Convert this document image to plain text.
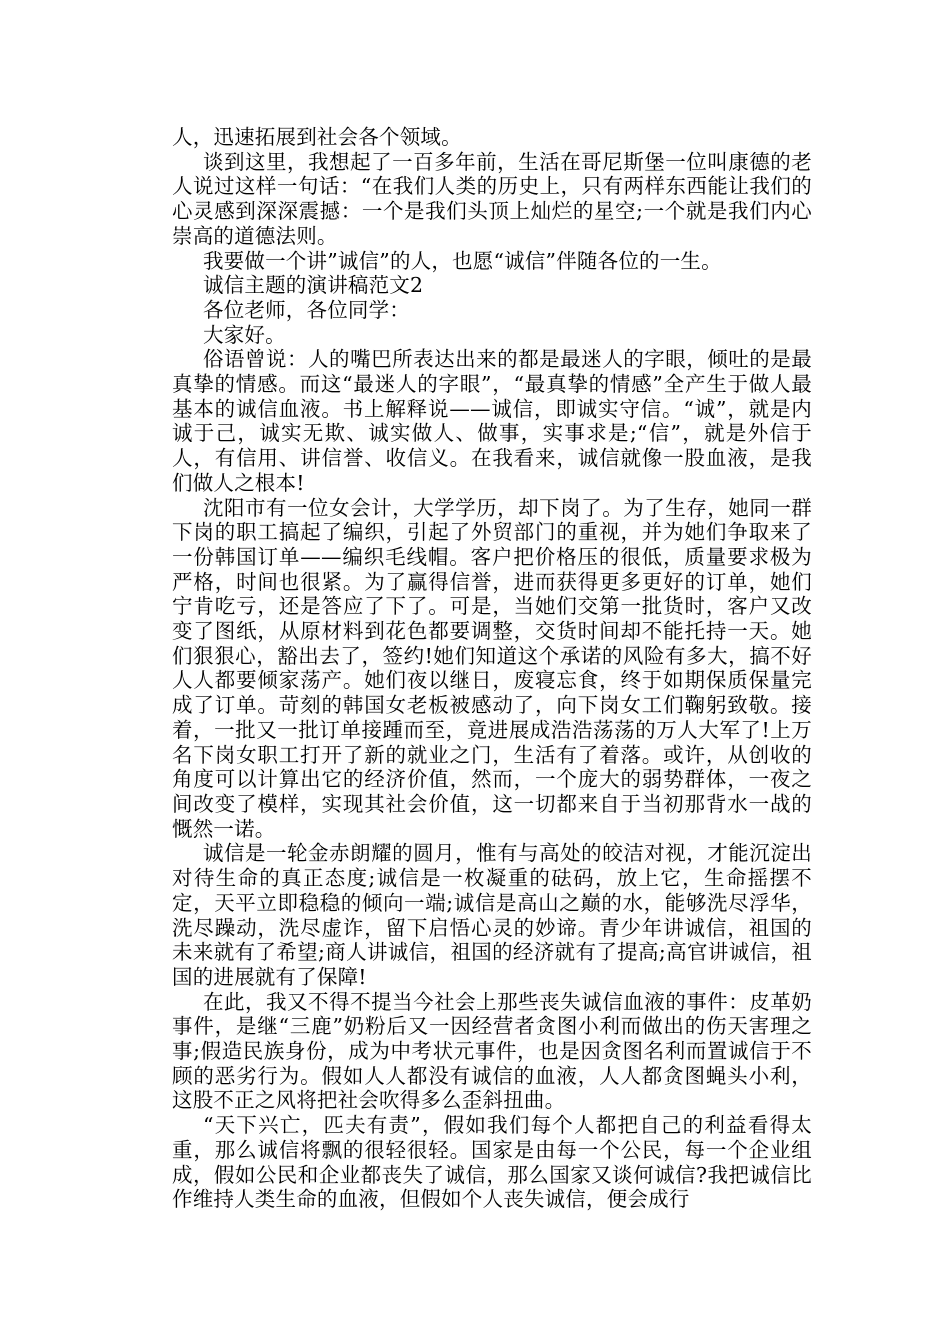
人，迅速拓展到社会各个领域。

谈到这里，我想起了一百多年前，生活在哥尼斯堡一位叫康德的老人说过这样一句话：“在我们人类的历史上，只有两样东西能让我们的心灵感到深深震撼：一个是我们头顶上灿烂的星空;一个就是我们内心崇高的道德法则。

我要做一个讲”诚信”的人，也愿“诚信”伴随各位的一生。

诚信主题的演讲稿范文2

各位老师，各位同学：

大家好。

俗语曾说：人的嘴巴所表达出来的都是最迷人的字眼，倾吐的是最真挚的情感。而这“最迷人的字眼”，“最真挚的情感”全产生于做人最基本的诚信血液。书上解释说——诚信，即诚实守信。“诚”，就是内诚于己，诚实无欺、诚实做人、做事，实事求是;“信”，就是外信于人，有信用、讲信誉、收信义。在我看来，诚信就像一股血液，是我们做人之根本!

沈阳市有一位女会计，大学学历，却下岗了。为了生存，她同一群下岗的职工搞起了编织，引起了外贸部门的重视，并为她们争取来了一份韩国订单——编织毛线帽。客户把价格压的很低，质量要求极为严格，时间也很紧。为了赢得信誉，进而获得更多更好的订单，她们宁肯吃亏，还是答应了下了。可是，当她们交第一批货时，客户又改变了图纸，从原材料到花色都要调整，交货时间却不能托持一天。她们狠狠心，豁出去了，签约!她们知道这个承诺的风险有多大，搞不好人人都要倾家荡产。她们夜以继日，废寝忘食，终于如期保质保量完成了订单。苛刻的韩国女老板被感动了，向下岗女工们鞠躬致敬。接着，一批又一批订单接踵而至，竟进展成浩浩荡荡的万人大军了!上万名下岗女职工打开了新的就业之门，生活有了着落。或许，从创收的角度可以计算出它的经济价值，然而，一个庞大的弱势群体，一夜之间改变了模样，实现其社会价值，这一切都来自于当初那背水一战的慨然一诺。

诚信是一轮金赤朗耀的圆月，惟有与高处的皎洁对视，才能沉淀出对待生命的真正态度;诚信是一枚凝重的砝码，放上它，生命摇摆不定，天平立即稳稳的倾向一端;诚信是高山之巅的水，能够洗尽浮华，洗尽躁动，洗尽虚诈，留下启悟心灵的妙谛。青少年讲诚信，祖国的未来就有了希望;商人讲诚信，祖国的经济就有了提高;高官讲诚信，祖国的进展就有了保障!

在此，我又不得不提当今社会上那些丧失诚信血液的事件：皮革奶事件，是继“三鹿”奶粉后又一因经营者贪图小利而做出的伤天害理之事;假造民族身份，成为中考状元事件，也是因贪图名利而置诚信于不顾的恶劣行为。假如人人都没有诚信的血液，人人都贪图蝇头小利，这股不正之风将把社会吹得多么歪斜扭曲。

“天下兴亡，匹夫有责”，假如我们每个人都把自己的利益看得太重，那么诚信将飘的很轻很轻。国家是由每一个公民，每一个企业组成，假如公民和企业都丧失了诚信，那么国家又谈何诚信?我把诚信比作维持人类生命的血液，但假如个人丧失诚信，便会成行
